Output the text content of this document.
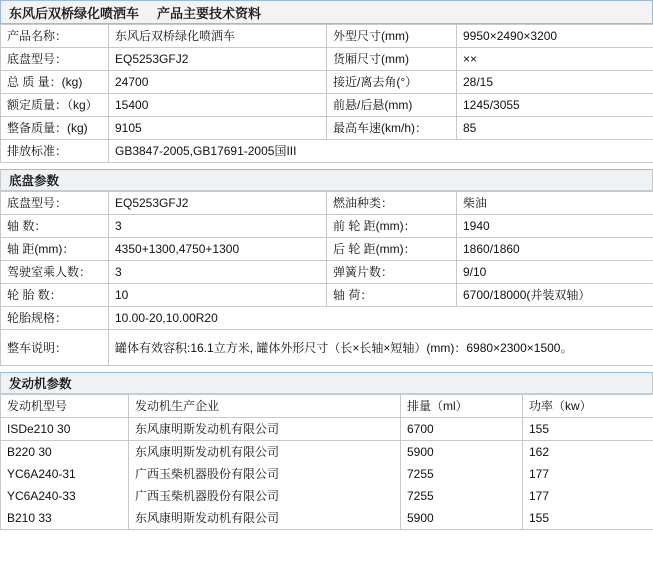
东风后双桥绿化喷洒车 产品主要技术资料
产品名称：	东风后双桥绿化喷洒车	外型尺寸(mm)	9950×2490×3200
底盘型号：	EQ5253GFJ2	货厢尺寸(mm)	××
总 质 量：(kg)	24700	接近/离去角(°）	28/15
额定质量：（kg）	15400	前悬/后悬(mm)	1245/3055
整备质量：(kg)	9105	最高车速(km/h)：	85
排放标准：	GB3847-2005,GB17691-2005国III		
底盘参数
底盘型号：	EQ5253GFJ2	燃油种类：	柴油
轴 数：	3	前 轮 距(mm)：	1940
轴 距(mm)：	4350+1300,4750+1300	后 轮 距(mm)：	1860/1860
驾驶室乘人数：	3	弹簧片数：	9/10
轮 胎 数：	10	轴 荷：	6700/18000(并装双轴）
轮胎规格：	10.00-20,10.00R20		
整车说明：	罐体有效容积:16.1立方米, 罐体外形尺寸（长×长轴×短轴）(mm)：6980×2300×1500。		
发动机参数
发动机型号	发动机生产企业	排量（ml）	功率（kw）
ISDe210 30	东风康明斯发动机有限公司	6700	155
B220 30	东风康明斯发动机有限公司	5900	162
YC6A240-31	广西玉柴机器股份有限公司	7255	177
YC6A240-33	广西玉柴机器股份有限公司	7255	177
B210 33	东风康明斯发动机有限公司	5900	155
